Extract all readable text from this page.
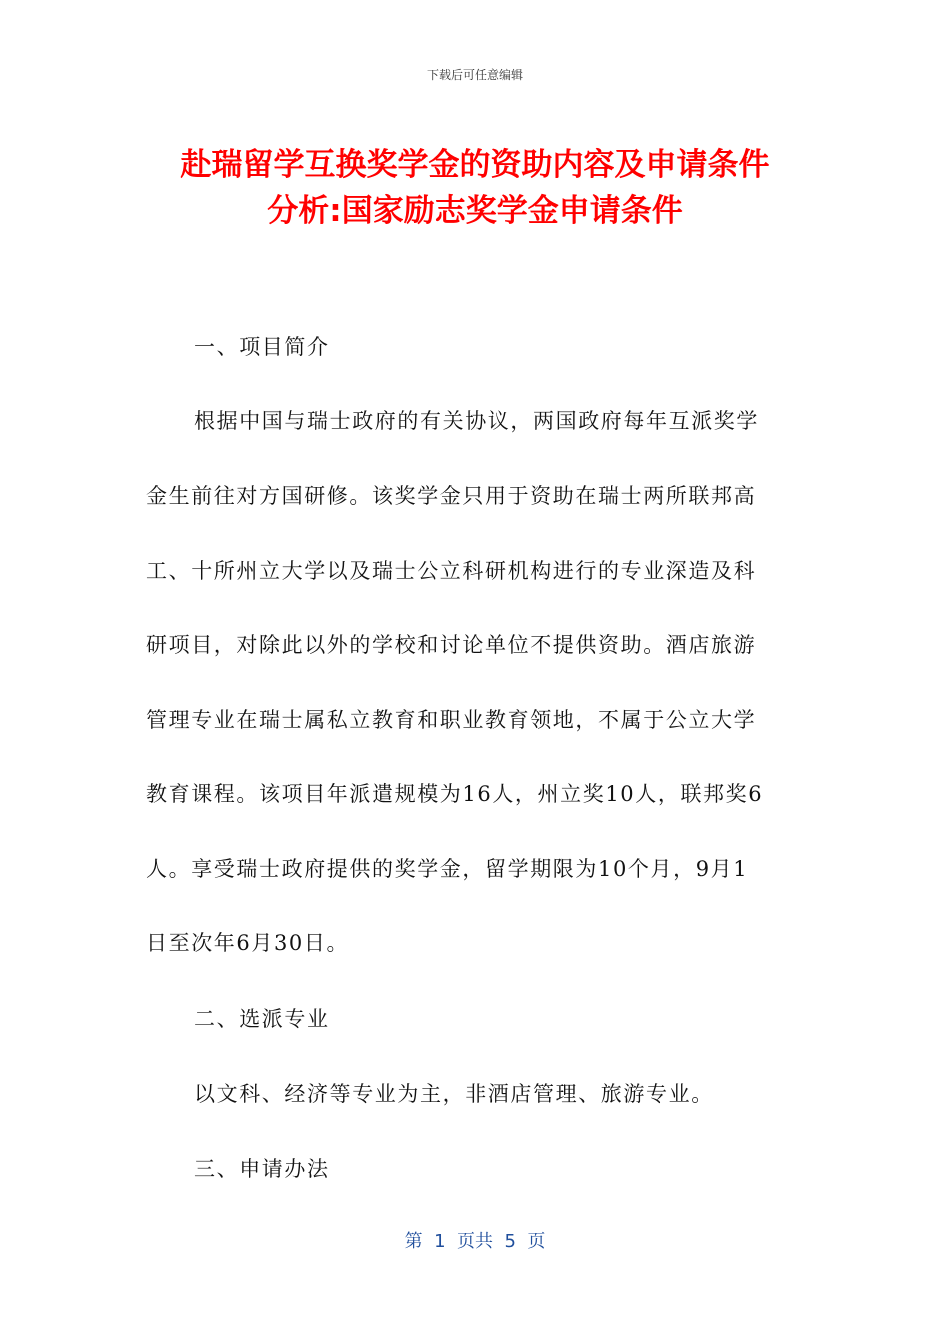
下载后可任意编辑
赴瑞留学互换奖学金的资助内容及申请条件
分析:国家励志奖学金申请条件
一、项目简介
根据中国与瑞士政府的有关协议，两国政府每年互派奖学
金生前往对方国研修。该奖学金只用于资助在瑞士两所联邦高
工、十所州立大学以及瑞士公立科研机构进行的专业深造及科
研项目，对除此以外的学校和讨论单位不提供资助。酒店旅游
管理专业在瑞士属私立教育和职业教育领地，不属于公立大学
教育课程。该项目年派遣规模为16人，州立奖10人，联邦奖6
人。享受瑞士政府提供的奖学金，留学期限为10个月，9月1
日至次年6月30日。
二、选派专业
以文科、经济等专业为主，非酒店管理、旅游专业。
三、申请办法
第  1  页共  5  页
